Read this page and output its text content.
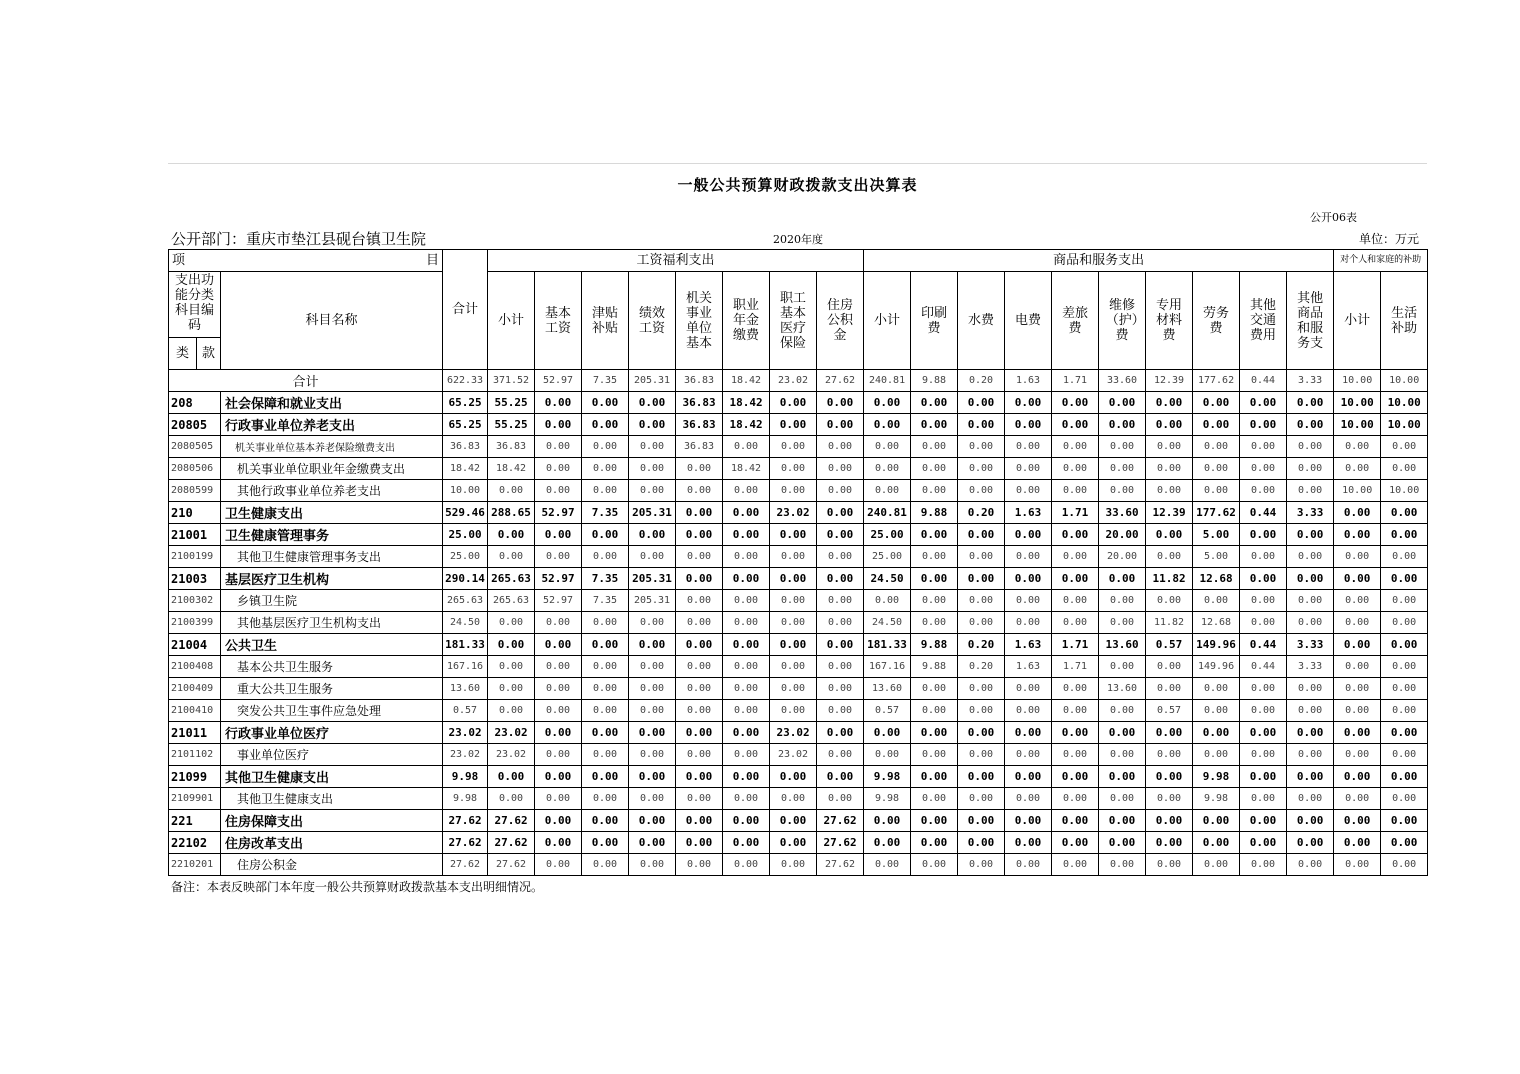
一般公共预算财政拨款支出决算表
公开06表
公开部门：重庆市垫江县砚台镇卫生院	2020年度	单位：万元
项 目			合计	工资福利支出								商品和服务支出										对个人和家庭的补助	

支出功能分类科目编码		科目名称		小计	基本工资	津贴补贴	绩效工资	机关事业单位基本	职业年金缴费	职工基本医疗保险	住房公积金	小计	印刷费	水费	电费	差旅费	维修（护）费	专用材料费	劳务费	其他交通费用	其他商品和服务支	小计	生活补助

类	款																						
合计			622.33	371.52	52.97	7.35	205.31	36.83	18.42	23.02	27.62	240.81	9.88	0.20	1.63	1.71	33.60	12.39	177.62	0.44	3.33	10.00	10.00
208		社会保障和就业支出	65.25	55.25	0.00	0.00	0.00	36.83	18.42	0.00	0.00	0.00	0.00	0.00	0.00	0.00	0.00	0.00	0.00	0.00	0.00	10.00	10.00
20805		行政事业单位养老支出	65.25	55.25	0.00	0.00	0.00	36.83	18.42	0.00	0.00	0.00	0.00	0.00	0.00	0.00	0.00	0.00	0.00	0.00	0.00	10.00	10.00
2080505		机关事业单位基本养老保险缴费支出	36.83	36.83	0.00	0.00	0.00	36.83	0.00	0.00	0.00	0.00	0.00	0.00	0.00	0.00	0.00	0.00	0.00	0.00	0.00	0.00	0.00
2080506		机关事业单位职业年金缴费支出	18.42	18.42	0.00	0.00	0.00	0.00	18.42	0.00	0.00	0.00	0.00	0.00	0.00	0.00	0.00	0.00	0.00	0.00	0.00	0.00	0.00
2080599		其他行政事业单位养老支出	10.00	0.00	0.00	0.00	0.00	0.00	0.00	0.00	0.00	0.00	0.00	0.00	0.00	0.00	0.00	0.00	0.00	0.00	0.00	10.00	10.00
210		卫生健康支出	529.46	288.65	52.97	7.35	205.31	0.00	0.00	23.02	0.00	240.81	9.88	0.20	1.63	1.71	33.60	12.39	177.62	0.44	3.33	0.00	0.00
21001		卫生健康管理事务	25.00	0.00	0.00	0.00	0.00	0.00	0.00	0.00	0.00	25.00	0.00	0.00	0.00	0.00	20.00	0.00	5.00	0.00	0.00	0.00	0.00
2100199		其他卫生健康管理事务支出	25.00	0.00	0.00	0.00	0.00	0.00	0.00	0.00	0.00	25.00	0.00	0.00	0.00	0.00	20.00	0.00	5.00	0.00	0.00	0.00	0.00
21003		基层医疗卫生机构	290.14	265.63	52.97	7.35	205.31	0.00	0.00	0.00	0.00	24.50	0.00	0.00	0.00	0.00	0.00	11.82	12.68	0.00	0.00	0.00	0.00
2100302		乡镇卫生院	265.63	265.63	52.97	7.35	205.31	0.00	0.00	0.00	0.00	0.00	0.00	0.00	0.00	0.00	0.00	0.00	0.00	0.00	0.00	0.00	0.00
2100399		其他基层医疗卫生机构支出	24.50	0.00	0.00	0.00	0.00	0.00	0.00	0.00	0.00	24.50	0.00	0.00	0.00	0.00	0.00	11.82	12.68	0.00	0.00	0.00	0.00
21004		公共卫生	181.33	0.00	0.00	0.00	0.00	0.00	0.00	0.00	0.00	181.33	9.88	0.20	1.63	1.71	13.60	0.57	149.96	0.44	3.33	0.00	0.00
2100408		基本公共卫生服务	167.16	0.00	0.00	0.00	0.00	0.00	0.00	0.00	0.00	167.16	9.88	0.20	1.63	1.71	0.00	0.00	149.96	0.44	3.33	0.00	0.00
2100409		重大公共卫生服务	13.60	0.00	0.00	0.00	0.00	0.00	0.00	0.00	0.00	13.60	0.00	0.00	0.00	0.00	13.60	0.00	0.00	0.00	0.00	0.00	0.00
2100410		突发公共卫生事件应急处理	0.57	0.00	0.00	0.00	0.00	0.00	0.00	0.00	0.00	0.57	0.00	0.00	0.00	0.00	0.00	0.57	0.00	0.00	0.00	0.00	0.00
21011		行政事业单位医疗	23.02	23.02	0.00	0.00	0.00	0.00	0.00	23.02	0.00	0.00	0.00	0.00	0.00	0.00	0.00	0.00	0.00	0.00	0.00	0.00	0.00
2101102		事业单位医疗	23.02	23.02	0.00	0.00	0.00	0.00	0.00	23.02	0.00	0.00	0.00	0.00	0.00	0.00	0.00	0.00	0.00	0.00	0.00	0.00	0.00
21099		其他卫生健康支出	9.98	0.00	0.00	0.00	0.00	0.00	0.00	0.00	0.00	9.98	0.00	0.00	0.00	0.00	0.00	0.00	9.98	0.00	0.00	0.00	0.00
2109901		其他卫生健康支出	9.98	0.00	0.00	0.00	0.00	0.00	0.00	0.00	0.00	9.98	0.00	0.00	0.00	0.00	0.00	0.00	9.98	0.00	0.00	0.00	0.00
221		住房保障支出	27.62	27.62	0.00	0.00	0.00	0.00	0.00	0.00	27.62	0.00	0.00	0.00	0.00	0.00	0.00	0.00	0.00	0.00	0.00	0.00	0.00
22102		住房改革支出	27.62	27.62	0.00	0.00	0.00	0.00	0.00	0.00	27.62	0.00	0.00	0.00	0.00	0.00	0.00	0.00	0.00	0.00	0.00	0.00	0.00
2210201		住房公积金	27.62	27.62	0.00	0.00	0.00	0.00	0.00	0.00	27.62	0.00	0.00	0.00	0.00	0.00	0.00	0.00	0.00	0.00	0.00	0.00	0.00
备注：本表反映部门本年度一般公共预算财政拨款基本支出明细情况。
